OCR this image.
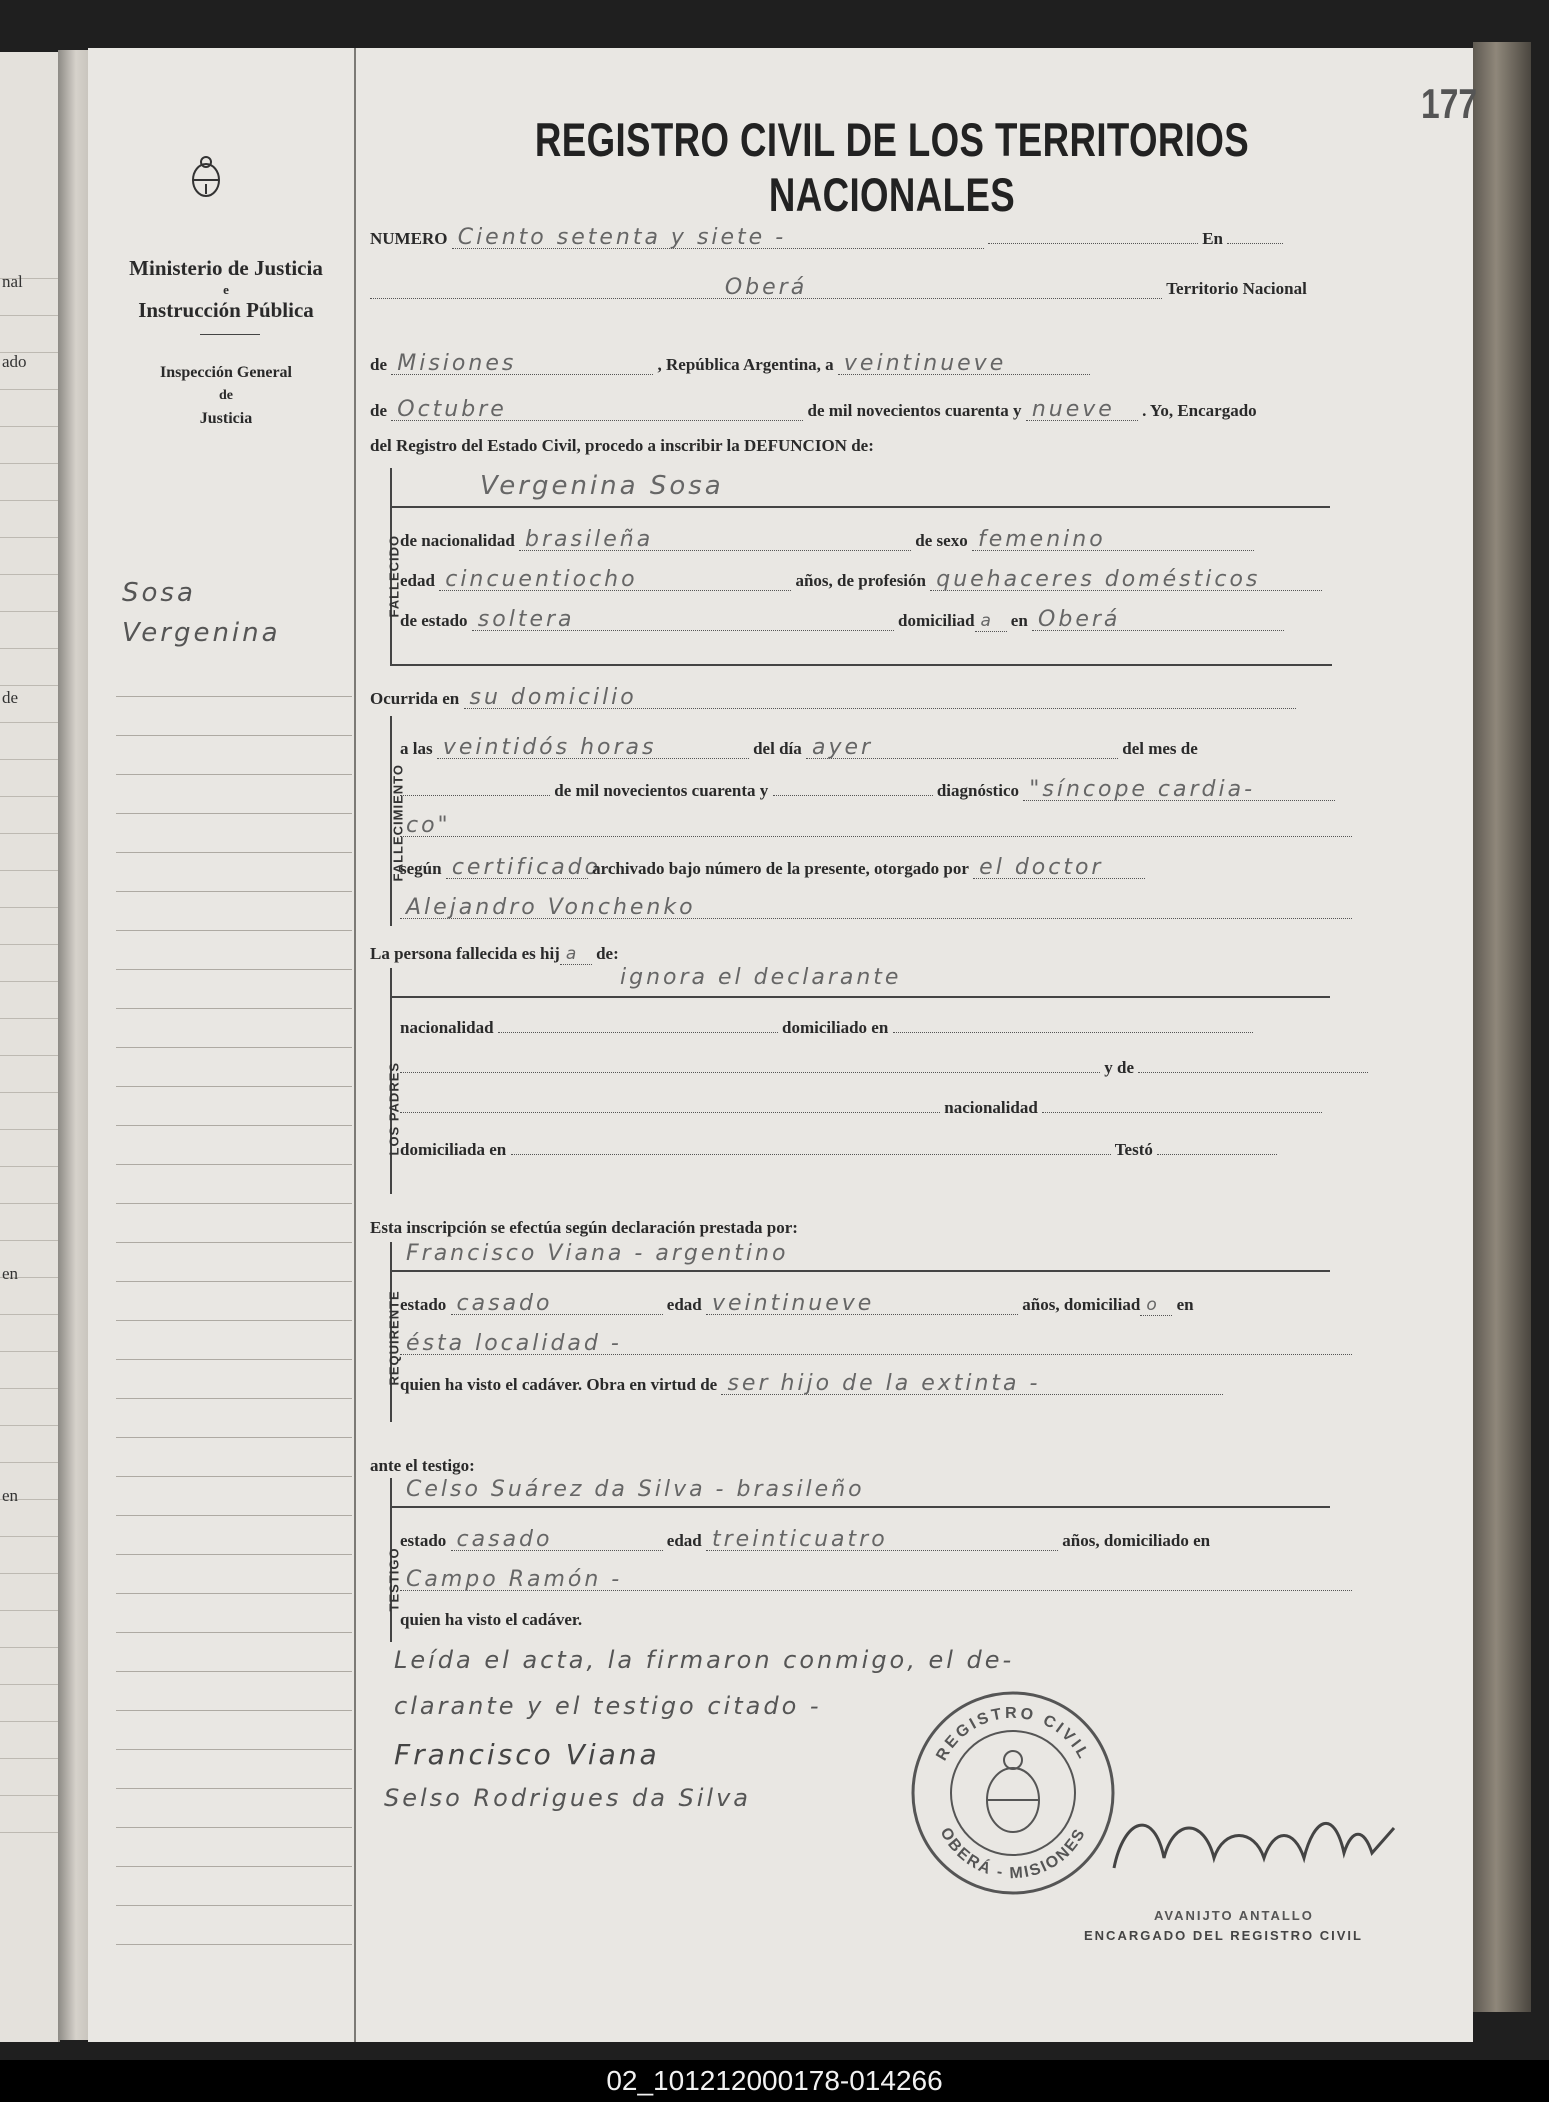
nal
ado
de
en
en
Ministerio de Justicia
e
Instrucción Pública
Inspección General
de
Justicia
Sosa
Vergenina
REGISTRO CIVIL DE LOS TERRITORIOS NACIONALES
177
NUMERO Ciento setenta y siete -	En
Oberá	Territorio Nacional
de Misiones	, República Argentina, a veintinueve
de Octubre	de mil novecientos cuarenta y nueve . Yo, Encargado
del Registro del Estado Civil, procedo a inscribir la DEFUNCION de:
FALLECIDO
Vergenina Sosa
de nacionalidad brasileña	de sexo femenino
edad cincuentiocho	años, de profesión quehaceres domésticos
de estado soltera	domiciliad a en Oberá
Ocurrida en su domicilio
FALLECIMIENTO
a las veintidós horas	del día ayer	del mes de
de mil novecientos cuarenta y	diagnóstico "síncope cardia-
co"
según certificado archivado bajo número de la presente, otorgado por el doctor
Alejandro Vonchenko
La persona fallecida es hij a de:
LOS PADRES
ignora el declarante
nacionalidad	domiciliado en
y de
nacionalidad
domiciliada en	Testó
Esta inscripción se efectúa según declaración prestada por:
REQUIRENTE
Francisco Viana - argentino
estado casado	edad veintinueve	años, domiciliad o en
ésta localidad -
quien ha visto el cadáver. Obra en virtud de ser hijo de la extinta -
ante el testigo:
TESTIGO
Celso Suárez da Silva - brasileño
estado casado	edad treinticuatro	años, domiciliado en
Campo Ramón -
quien ha visto el cadáver.
Leída el acta, la firmaron conmigo, el de-
clarante y el testigo citado -
Francisco Viana
Selso Rodrigues da Silva
REGISTRO CIVIL
OBERÁ - MISIONES
AVANIJTO ANTALLO
ENCARGADO DEL REGISTRO CIVIL
02_101212000178-014266
